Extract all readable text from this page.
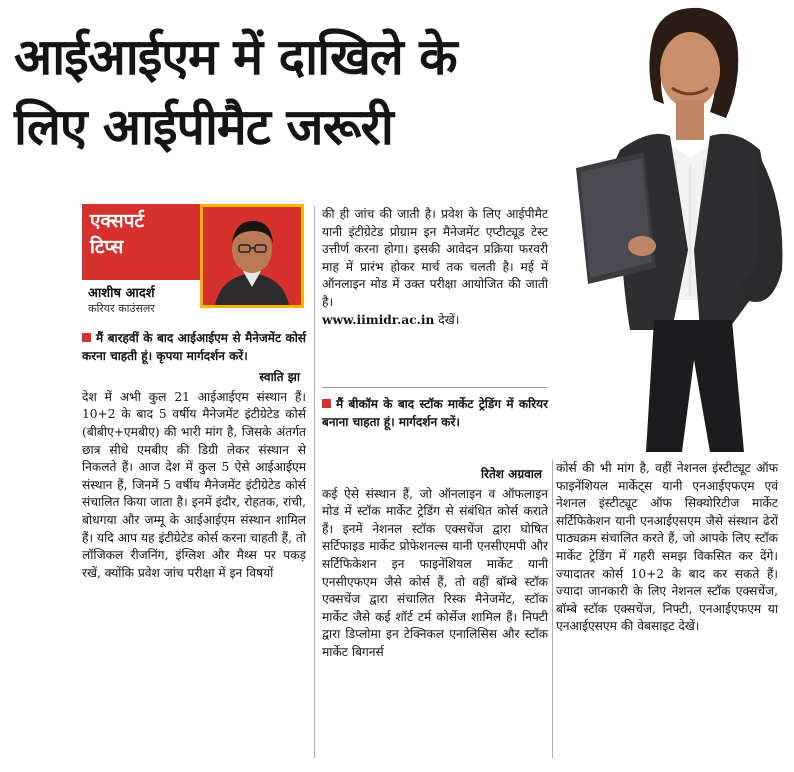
आईआईएम में दाखिले के
लिए आईपीमैट जरूरी
एक्सपर्ट
टिप्स
आशीष आदर्श
करियर काउंसलर

मैं बारहवीं के बाद आईआईएम से मैनेजमेंट कोर्स करना चाहती हूं। कृपया मार्गदर्शन करें।

स्वाति झा

देश में अभी कुल 21 आईआईएम संस्थान हैं। 10+2 के बाद 5 वर्षीय मैनेजमेंट इंटीग्रेटेड कोर्स (बीबीए+एमबीए) की भारी मांग है, जिसके अंतर्गत छात्र सीधे एमबीए की डिग्री लेकर संस्थान से निकलते हैं। आज देश में कुल 5 ऐसे आईआईएम संस्थान हैं, जिनमें 5 वर्षीय मैनेजमेंट इंटीग्रेटेड कोर्स संचालित किया जाता है। इनमें इंदौर, रोहतक, रांची, बोधगया और जम्मू के आईआईएम संस्थान शामिल हैं। यदि आप यह इंटीग्रेटेड कोर्स करना चाहती हैं, तो लॉजिकल रीजनिंग, इंग्लिश और मैथ्स पर पकड़ रखें, क्योंकि प्रवेश जांच परीक्षा में इन विषयों

की ही जांच की जाती है। प्रवेश के लिए आईपीमैट यानी इंटीग्रेटेड प्रोग्राम इन मैनेजमेंट एप्टीट्यूड टेस्ट उत्तीर्ण करना होगा। इसकी आवेदन प्रक्रिया फरवरी माह में प्रारंभ होकर मार्च तक चलती है। मई में ऑनलाइन मोड में उक्त परीक्षा आयोजित की जाती है।

www.iimidr.ac.in देखें।

मैं बीकॉम के बाद स्टॉक मार्केट ट्रेडिंग में करियर बनाना चाहता हूं। मार्गदर्शन करें।

रितेश अग्रवाल

कई ऐसे संस्थान हैं, जो ऑनलाइन व ऑफलाइन मोड में स्टॉक मार्केट ट्रेडिंग से संबंधित कोर्स कराते हैं। इनमें नेशनल स्टॉक एक्सचेंज द्वारा घोषित सर्टिफाइड मार्केट प्रोफेशनल्स यानी एनसीएमपी और सर्टिफिकेशन इन फाइनेंशियल मार्केट यानी एनसीएफएम जैसे कोर्स हैं, तो वहीं बॉम्बे स्टॉक एक्सचेंज द्वारा संचालित रिस्क मैनेजमेंट, स्टॉक मार्केट जैसे कई शॉर्ट टर्म कोर्सेज शामिल हैं। निफ्टी द्वारा डिप्लोमा इन टेक्निकल एनालिसिस और स्टॉक मार्केट बिगनर्स

कोर्स की भी मांग है, वहीं नेशनल इंस्टीट्यूट ऑफ फाइनेंशियल मार्केट्स यानी एनआईएफएम एवं नेशनल इंस्टीट्यूट ऑफ सिक्योरिटीज मार्केट सर्टिफिकेशन यानी एनआईएसएम जैसे संस्थान ढेरों पाठ्यक्रम संचालित करते हैं, जो आपके लिए स्टॉक मार्केट ट्रेडिंग में गहरी समझ विकसित कर देंगे। ज्यादातर कोर्स 10+2 के बाद कर सकते हैं। ज्यादा जानकारी के लिए नेशनल स्टॉक एक्सचेंज, बॉम्बे स्टॉक एक्सचेंज, निफ्टी, एनआईएफएम या एनआईएसएम की वेबसाइट देखें।
